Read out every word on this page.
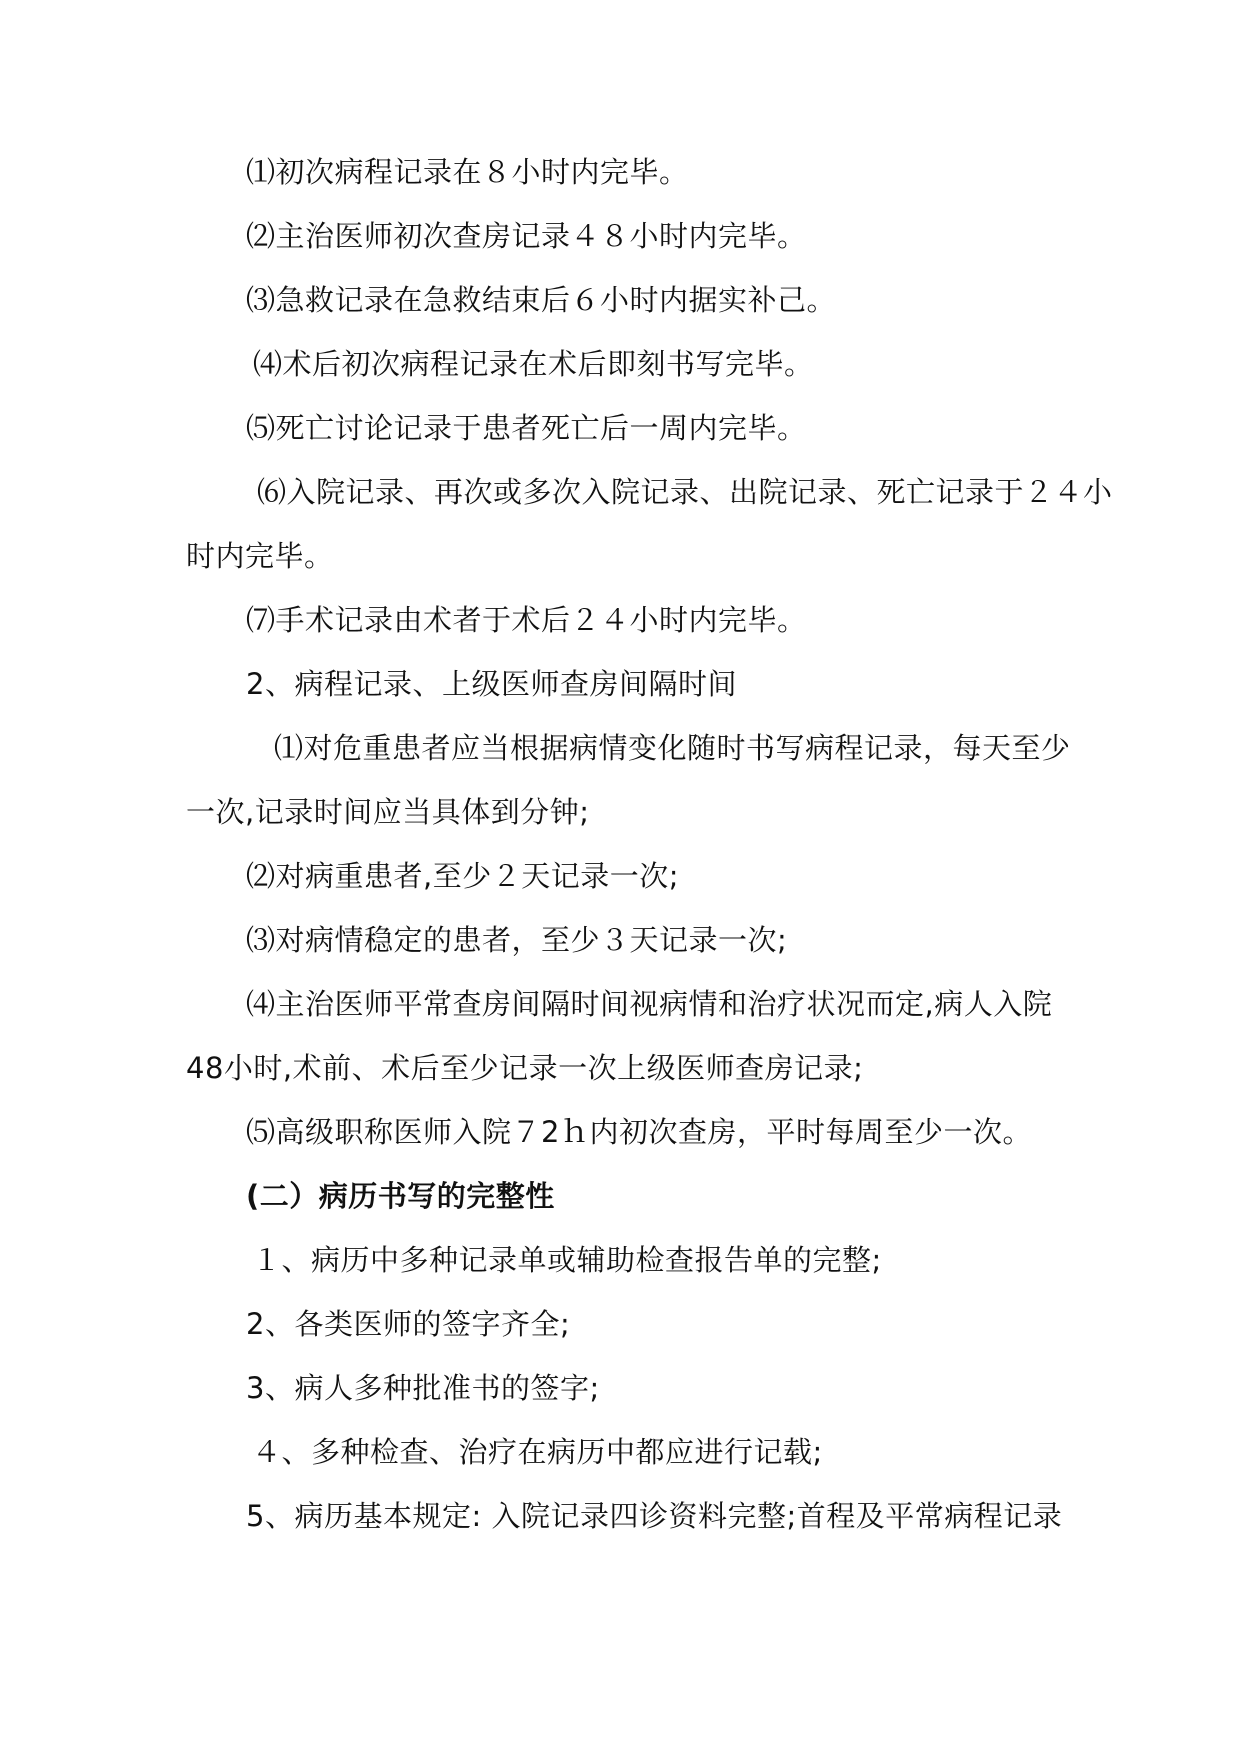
⑴初次病程记录在８小时内完毕。
⑵主治医师初次查房记录４８小时内完毕。
⑶急救记录在急救结束后６小时内据实补己。
⑷术后初次病程记录在术后即刻书写完毕。
⑸死亡讨论记录于患者死亡后一周内完毕。
⑹入院记录、再次或多次入院记录、出院记录、死亡记录于２４小
时内完毕。
⑺手术记录由术者于术后２４小时内完毕。
2、病程记录、上级医师查房间隔时间
⑴对危重患者应当根据病情变化随时书写病程记录，每天至少
一次,记录时间应当具体到分钟;
⑵对病重患者,至少２天记录一次;
⑶对病情稳定的患者，至少３天记录一次;
⑷主治医师平常查房间隔时间视病情和治疗状况而定,病人入院
48小时,术前、术后至少记录一次上级医师查房记录;
⑸高级职称医师入院７2ｈ内初次查房，平时每周至少一次。
(二）病历书写的完整性
１、病历中多种记录单或辅助检查报告单的完整;
2、各类医师的签字齐全;
3、病人多种批准书的签字;
４、多种检查、治疗在病历中都应进行记载;
5、病历基本规定: 入院记录四诊资料完整;首程及平常病程记录
